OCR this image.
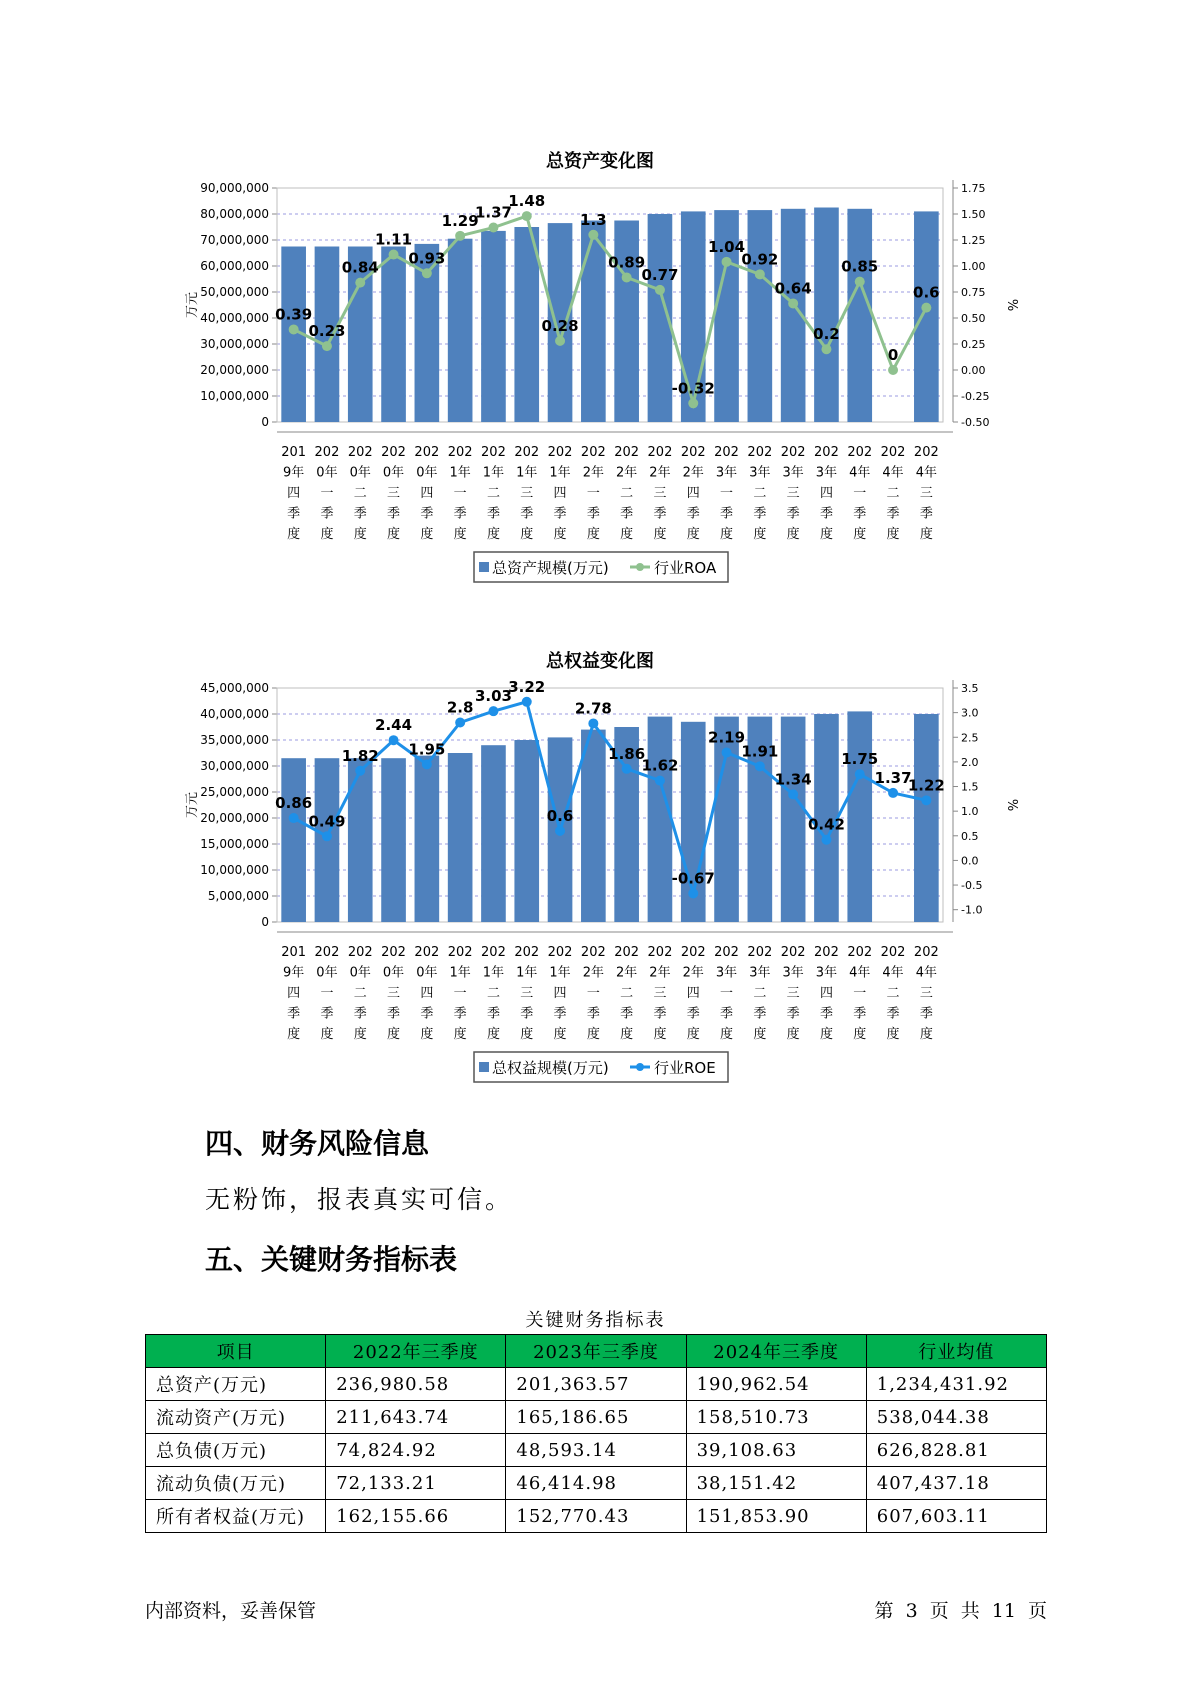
总资产变化图
0
10,000,000
20,000,000
30,000,000
40,000,000
50,000,000
60,000,000
70,000,000
80,000,000
90,000,000
-0.50
-0.25
0.00
0.25
0.50
0.75
1.00
1.25
1.50
1.75
万元	%
0.39
0.23
0.84
1.11
0.93
1.29
1.37
1.48
0.28
1.3
0.89
0.77
-0.32
1.04
0.92
0.64
0.2
0.85
0
0.6
201
9年
四
季
度
202
0年
一
季
度
202
0年
二
季
度
202
0年
三
季
度
202
0年
四
季
度
202
1年
一
季
度
202
1年
二
季
度
202
1年
三
季
度
202
1年
四
季
度
202
2年
一
季
度
202
2年
二
季
度
202
2年
三
季
度
202
2年
四
季
度
202
3年
一
季
度
202
3年
二
季
度
202
3年
三
季
度
202
3年
四
季
度
202
4年
一
季
度
202
4年
二
季
度
202
4年
三
季
度
总资产规模(万元)	行业ROA
总权益变化图
0
5,000,000
10,000,000
15,000,000
20,000,000
25,000,000
30,000,000
35,000,000
40,000,000
45,000,000
-1.0
-0.5
0.0
0.5
1.0
1.5
2.0
2.5
3.0
3.5
万元	%
0.86
0.49
1.82
2.44
1.95
2.8
3.03
3.22
0.6
2.78
1.86
1.62
-0.67
2.19
1.91
1.34
0.42
1.75
1.37
1.22
201
9年
四
季
度
202
0年
一
季
度
202
0年
二
季
度
202
0年
三
季
度
202
0年
四
季
度
202
1年
一
季
度
202
1年
二
季
度
202
1年
三
季
度
202
1年
四
季
度
202
2年
一
季
度
202
2年
二
季
度
202
2年
三
季
度
202
2年
四
季
度
202
3年
一
季
度
202
3年
二
季
度
202
3年
三
季
度
202
3年
四
季
度
202
4年
一
季
度
202
4年
二
季
度
202
4年
三
季
度
总权益规模(万元)	行业ROE
四、财务风险信息

无粉饰，报表真实可信。

五、关键财务指标表
关键财务指标表
项目	2022年三季度	2023年三季度	2024年三季度	行业均值
总资产(万元)	236,980.58	201,363.57	190,962.54	1,234,431.92
流动资产(万元)	211,643.74	165,186.65	158,510.73	538,044.38
总负债(万元)	74,824.92	48,593.14	39,108.63	626,828.81
流动负债(万元)	72,133.21	46,414.98	38,151.42	407,437.18
所有者权益(万元)	162,155.66	152,770.43	151,853.90	607,603.11
内部资料，妥善保管	第 3 页 共 11 页
